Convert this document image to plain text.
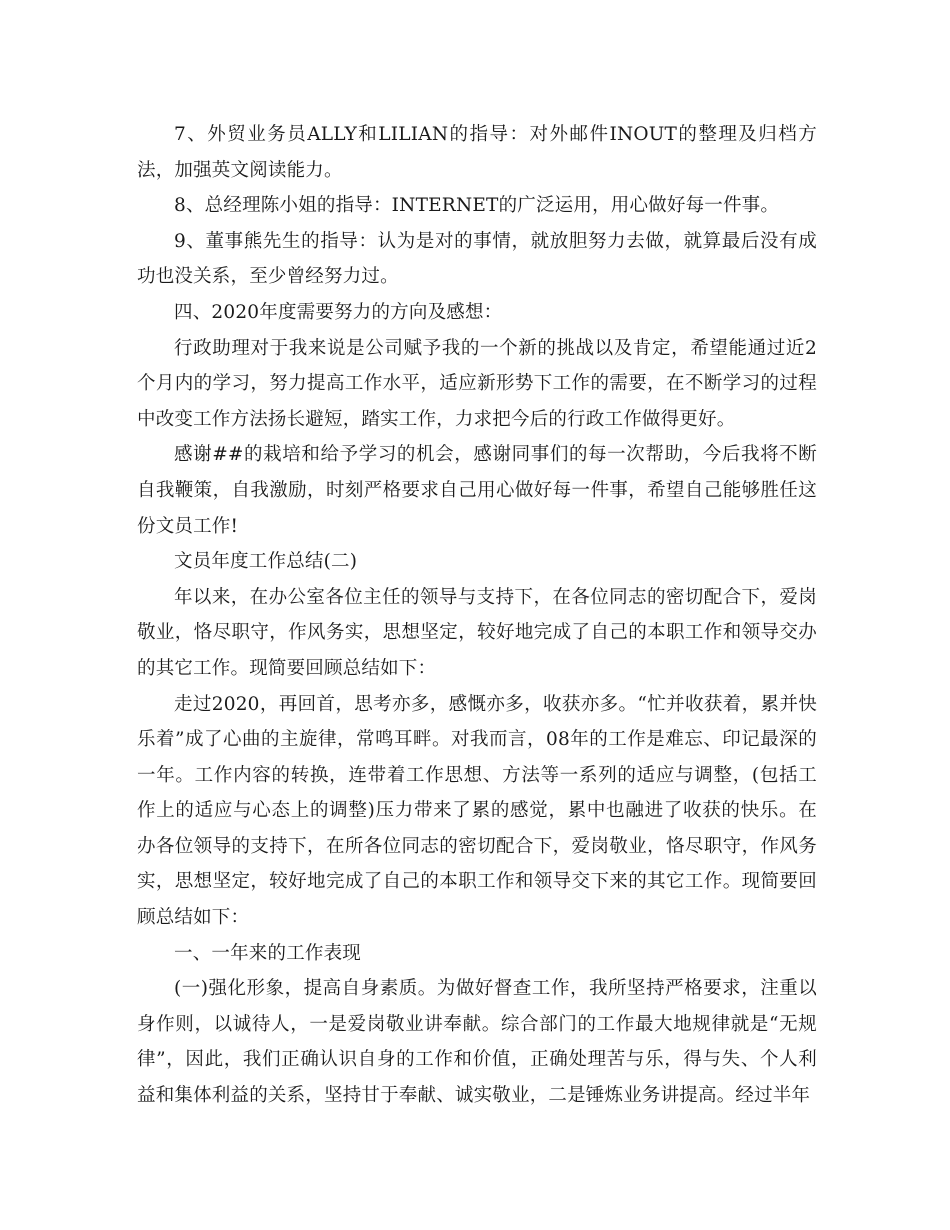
7、外贸业务员ALLY和LILIAN的指导：对外邮件INOUT的整理及归档方法，加强英文阅读能力。

8、总经理陈小姐的指导：INTERNET的广泛运用，用心做好每一件事。

9、董事熊先生的指导：认为是对的事情，就放胆努力去做，就算最后没有成功也没关系，至少曾经努力过。

四、2020年度需要努力的方向及感想：

行政助理对于我来说是公司赋予我的一个新的挑战以及肯定，希望能通过近2个月内的学习，努力提高工作水平，适应新形势下工作的需要，在不断学习的过程中改变工作方法扬长避短，踏实工作，力求把今后的行政工作做得更好。

感谢##的栽培和给予学习的机会，感谢同事们的每一次帮助，今后我将不断自我鞭策，自我激励，时刻严格要求自己用心做好每一件事，希望自己能够胜任这份文员工作!

文员年度工作总结(二)

年以来，在办公室各位主任的领导与支持下，在各位同志的密切配合下，爱岗敬业，恪尽职守，作风务实，思想坚定，较好地完成了自己的本职工作和领导交办的其它工作。现简要回顾总结如下：

走过2020，再回首，思考亦多，感慨亦多，收获亦多。“忙并收获着，累并快乐着”成了心曲的主旋律，常鸣耳畔。对我而言，08年的工作是难忘、印记最深的一年。工作内容的转换，连带着工作思想、方法等一系列的适应与调整，(包括工作上的适应与心态上的调整)压力带来了累的感觉，累中也融进了收获的快乐。在办各位领导的支持下，在所各位同志的密切配合下，爱岗敬业，恪尽职守，作风务实，思想坚定，较好地完成了自己的本职工作和领导交下来的其它工作。现简要回顾总结如下：

一、一年来的工作表现

(一)强化形象，提高自身素质。为做好督查工作，我所坚持严格要求，注重以身作则，以诚待人，一是爱岗敬业讲奉献。综合部门的工作最大地规律就是“无规律”，因此，我们正确认识自身的工作和价值，正确处理苦与乐，得与失、个人利益和集体利益的关系，坚持甘于奉献、诚实敬业，二是锤炼业务讲提高。经过半年
